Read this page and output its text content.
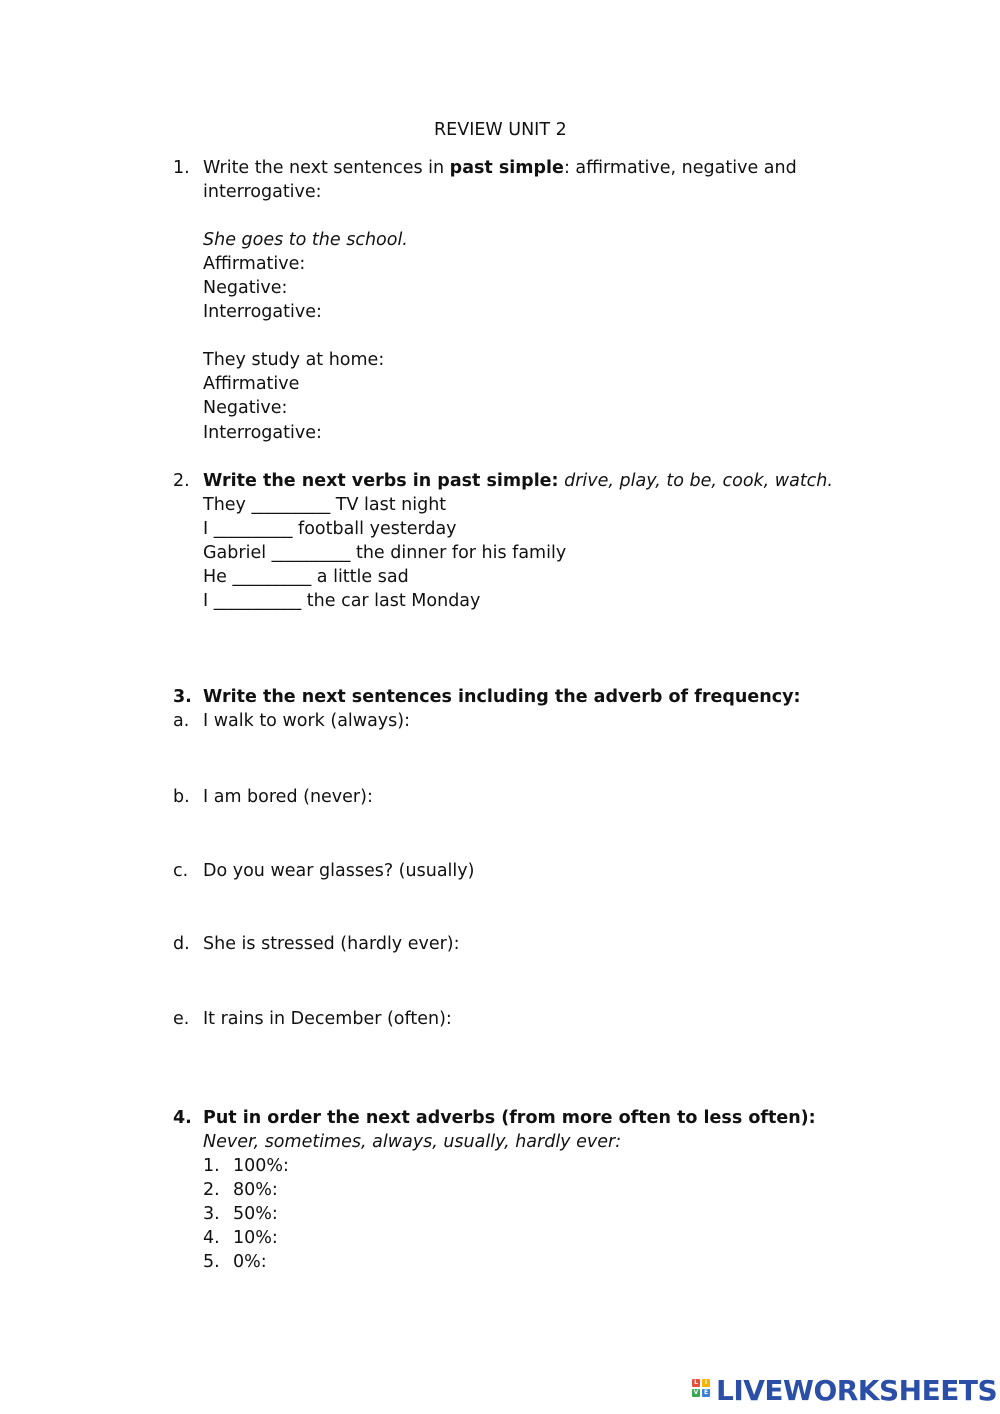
REVIEW UNIT 2
1. Write the next sentences in past simple: affirmative, negative and
interrogative:
She goes to the school.
Affirmative:
Negative:
Interrogative:
They study at home:
Affirmative
Negative:
Interrogative:
2. Write the next verbs in past simple: drive, play, to be, cook, watch.
They _________ TV last night
I _________ football yesterday
Gabriel _________ the dinner for his family
He _________ a little sad
I __________ the car last Monday
3. Write the next sentences including the adverb of frequency:
a. I walk to work (always):
b. I am bored (never):
c. Do you wear glasses? (usually)
d. She is stressed (hardly ever):
e. It rains in December (often):
4. Put in order the next adverbs (from more often to less often):
Never, sometimes, always, usually, hardly ever:
1. 100%:
2. 80%:
3. 50%:
4. 10%:
5. 0%:
L	I
V E LIVEWORKSHEETS
